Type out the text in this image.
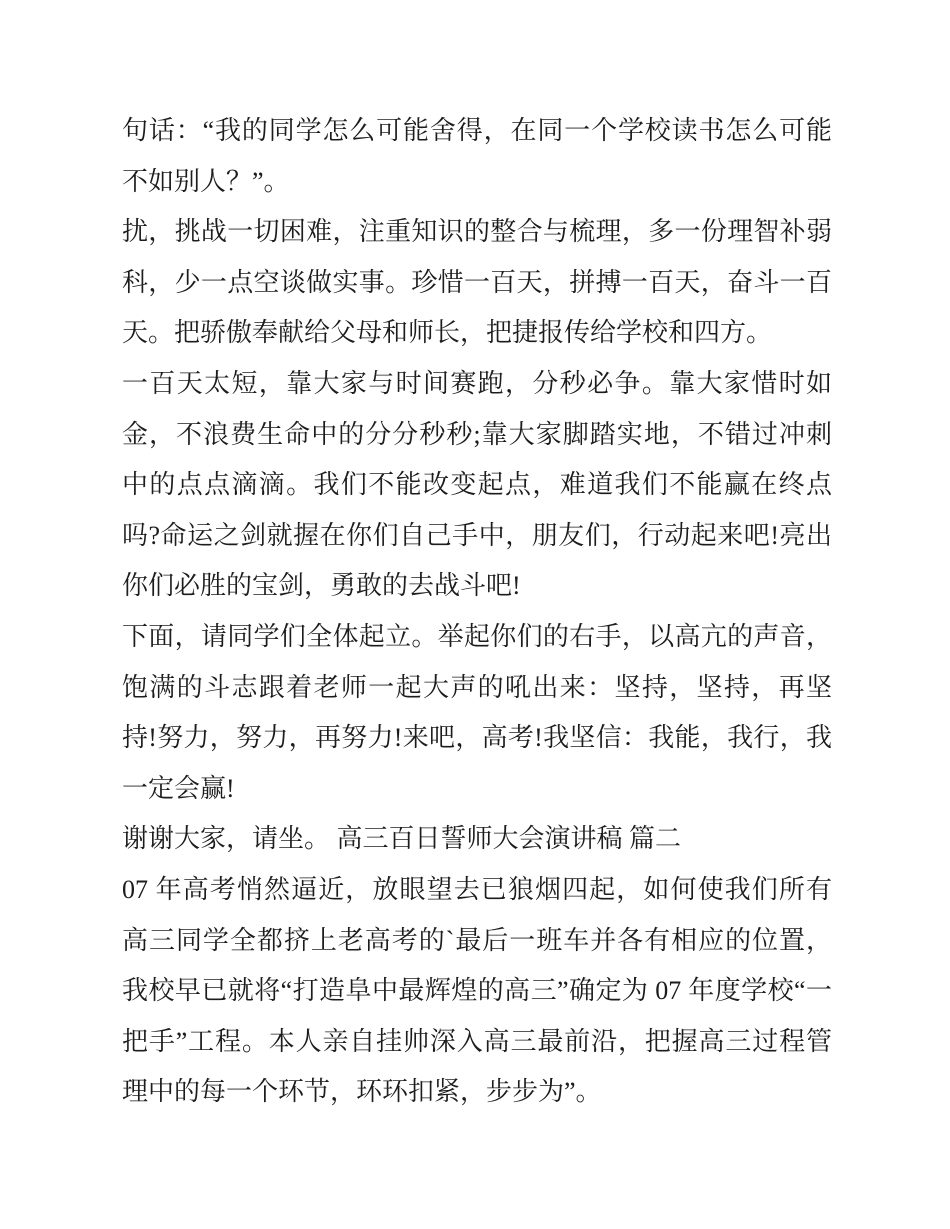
句话：“我的同学怎么可能舍得，在同一个学校读书怎么可能
不如别人？”。
扰，挑战一切困难，注重知识的整合与梳理，多一份理智补弱
科，少一点空谈做实事。珍惜一百天，拼搏一百天，奋斗一百
天。把骄傲奉献给父母和师长，把捷报传给学校和四方。
一百天太短，靠大家与时间赛跑，分秒必争。靠大家惜时如
金，不浪费生命中的分分秒秒;靠大家脚踏实地，不错过冲刺
中的点点滴滴。我们不能改变起点，难道我们不能赢在终点
吗?命运之剑就握在你们自己手中，朋友们，行动起来吧!亮出
你们必胜的宝剑，勇敢的去战斗吧!
下面，请同学们全体起立。举起你们的右手，以高亢的声音，
饱满的斗志跟着老师一起大声的吼出来：坚持，坚持，再坚
持!努力，努力，再努力!来吧，高考!我坚信：我能，我行，我
一定会赢!
谢谢大家，请坐。 高三百日誓师大会演讲稿 篇二
07 年高考悄然逼近，放眼望去已狼烟四起，如何使我们所有
高三同学全都挤上老高考的`最后一班车并各有相应的位置，
我校早已就将“打造阜中最辉煌的高三”确定为 07 年度学校“一
把手”工程。本人亲自挂帅深入高三最前沿，把握高三过程管
理中的每一个环节，环环扣紧，步步为”。
